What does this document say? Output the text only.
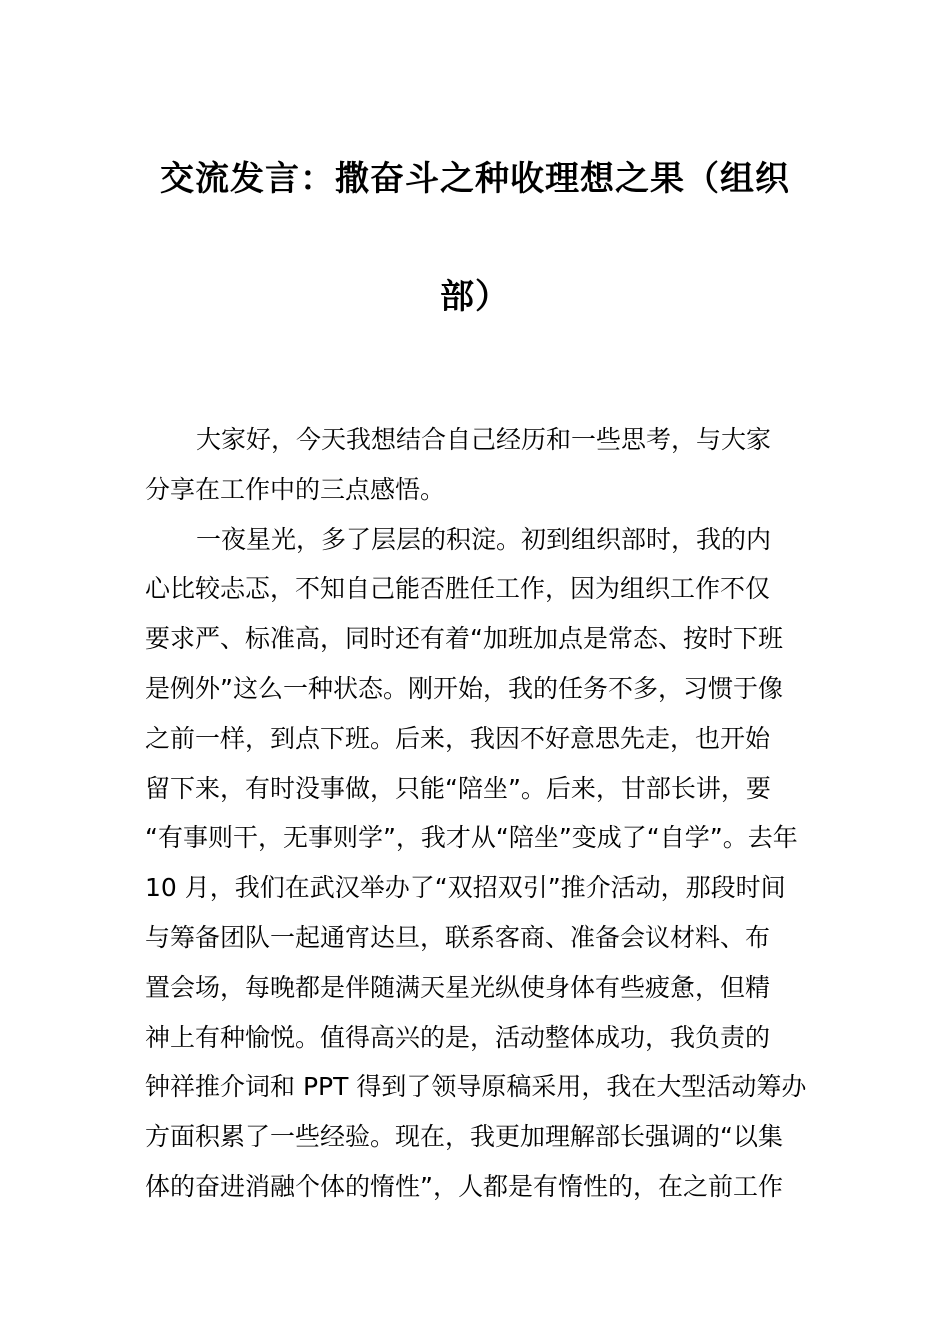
交流发言：撒奋斗之种收理想之果（组织
部）
大家好，今天我想结合自己经历和一些思考，与大家
分享在工作中的三点感悟。
一夜星光，多了层层的积淀。初到组织部时，我的内
心比较忐忑，不知自己能否胜任工作，因为组织工作不仅
要求严、标准高，同时还有着“加班加点是常态、按时下班
是例外”这么一种状态。刚开始，我的任务不多，习惯于像
之前一样，到点下班。后来，我因不好意思先走，也开始
留下来，有时没事做，只能“陪坐”。后来，甘部长讲，要
“有事则干，无事则学”，我才从“陪坐”变成了“自学”。去年
10 月，我们在武汉举办了“双招双引”推介活动，那段时间
与筹备团队一起通宵达旦，联系客商、准备会议材料、布
置会场，每晚都是伴随满天星光纵使身体有些疲惫，但精
神上有种愉悦。值得高兴的是，活动整体成功，我负责的
钟祥推介词和 PPT 得到了领导原稿采用，我在大型活动筹办
方面积累了一些经验。现在，我更加理解部长强调的“以集
体的奋进消融个体的惰性”，人都是有惰性的，在之前工作
